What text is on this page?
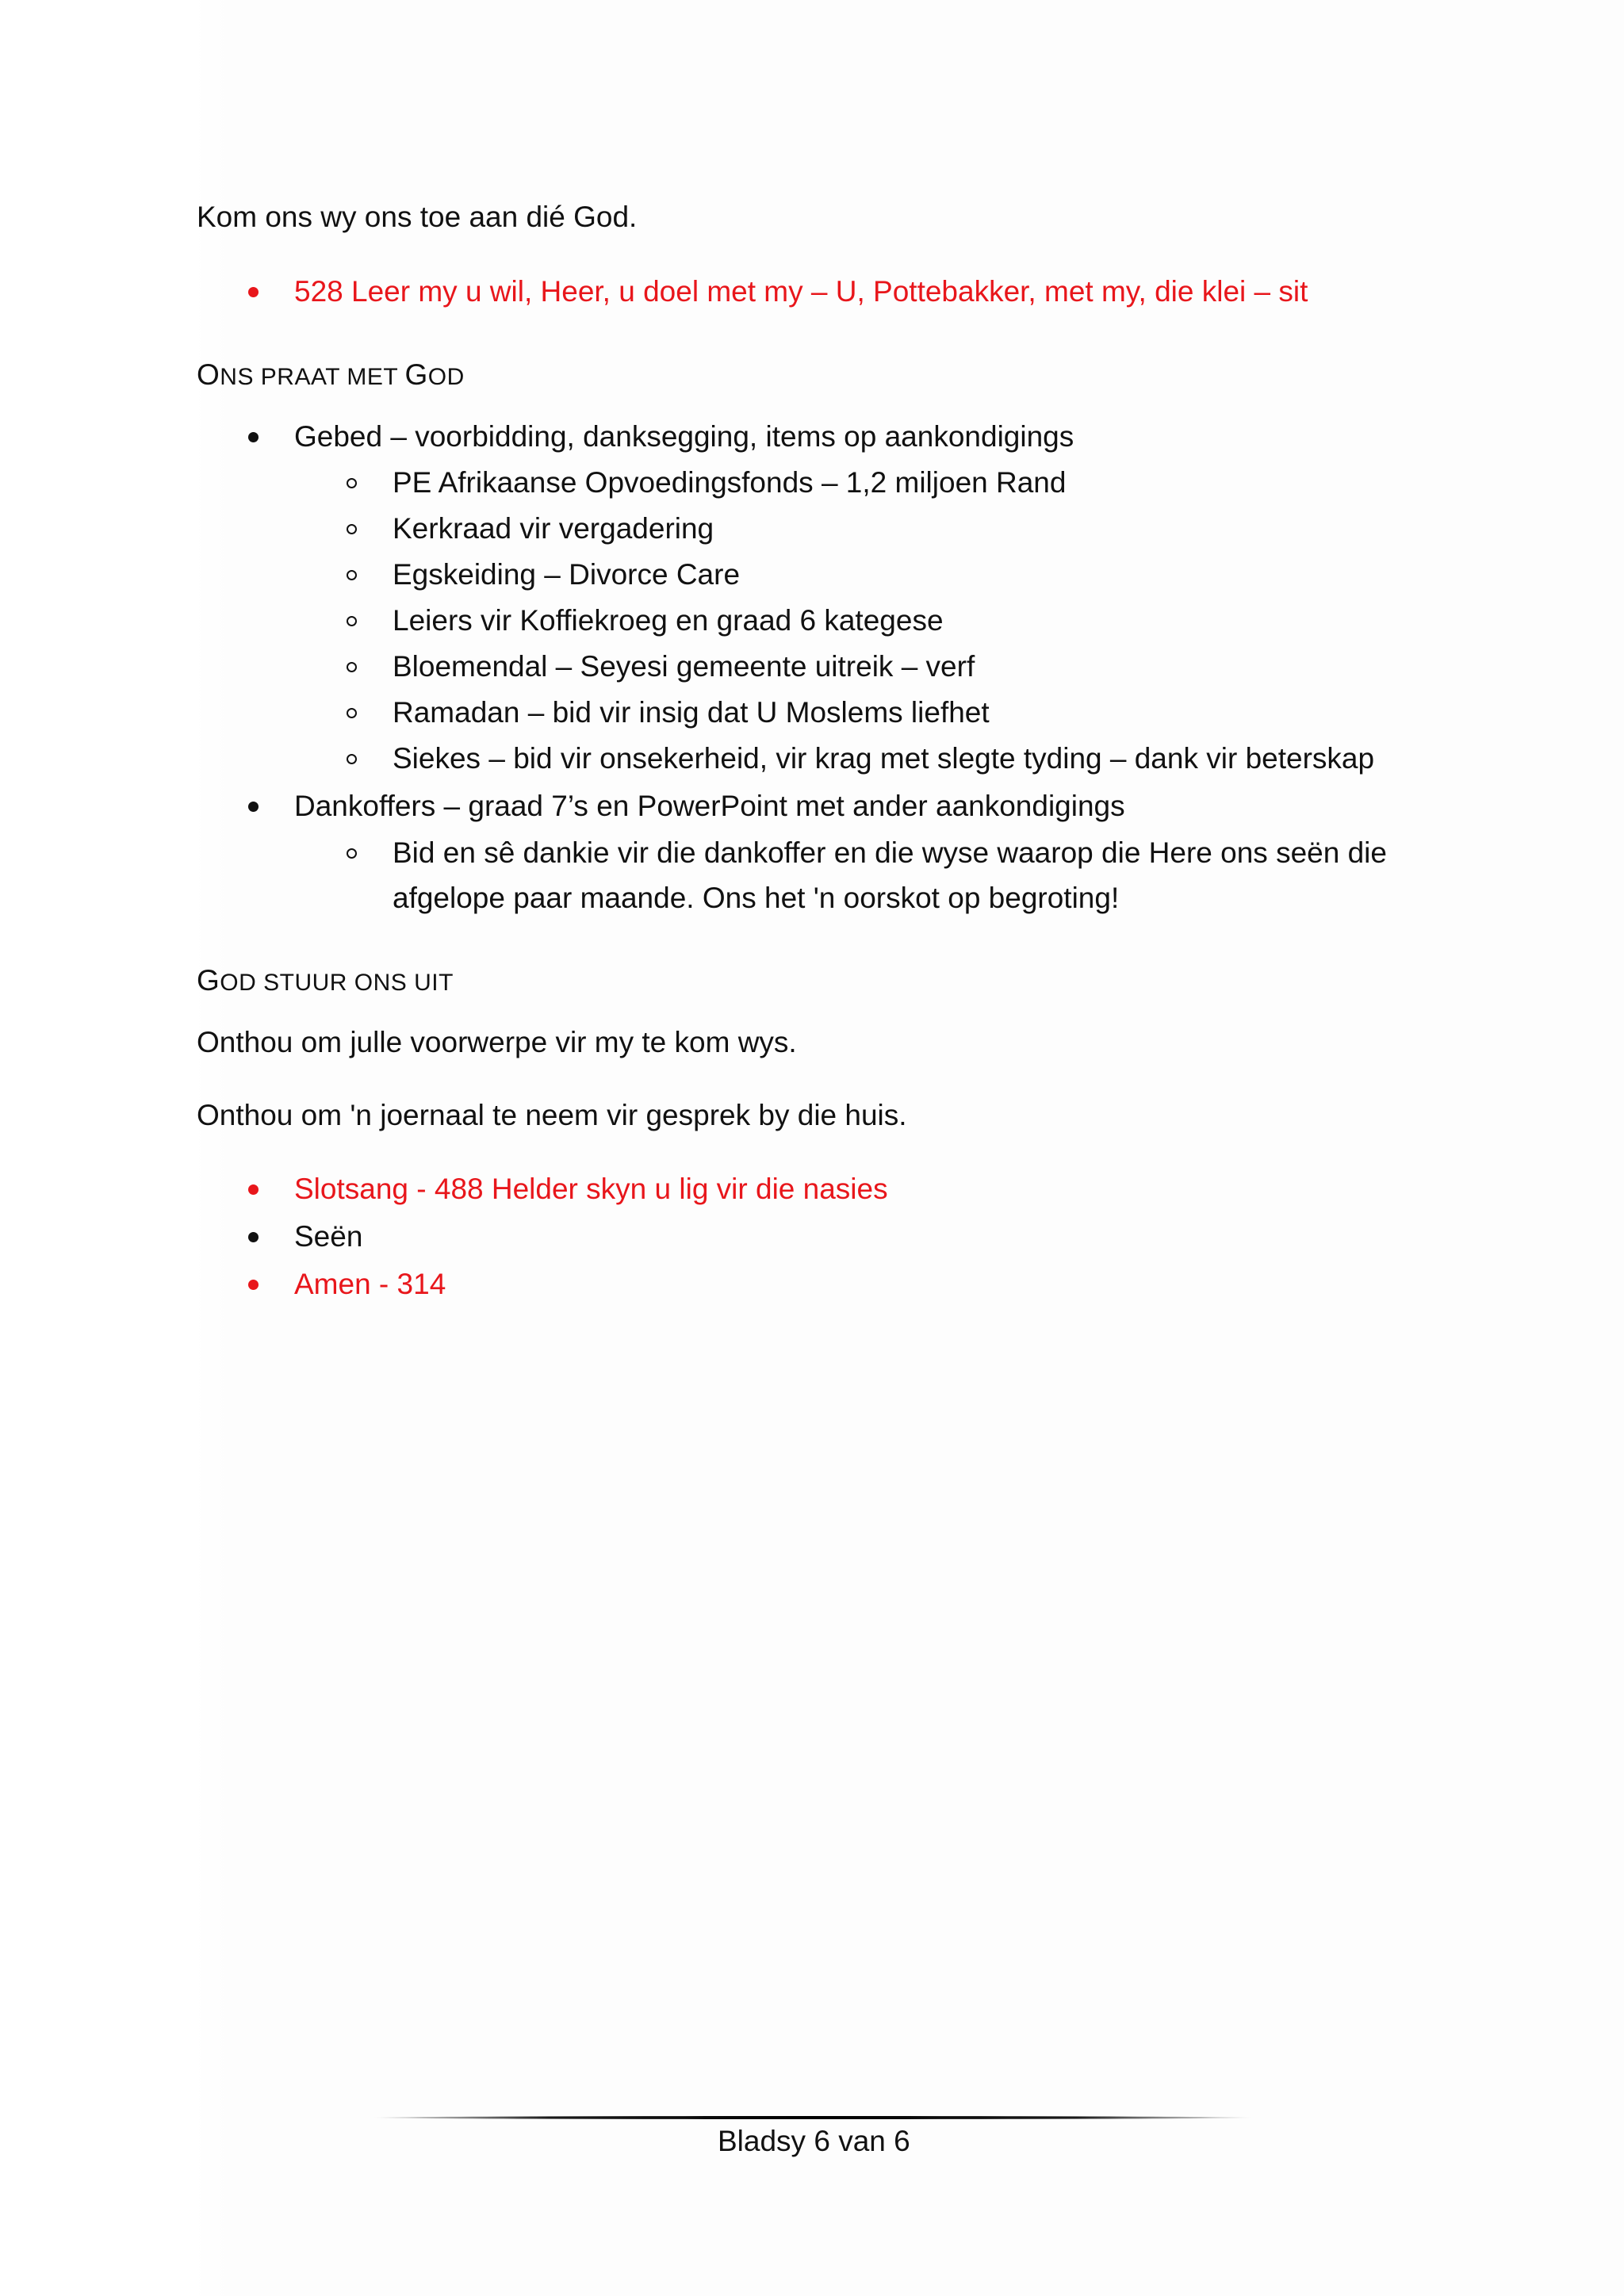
Kom ons wy ons toe aan dié God.
528 Leer my u wil, Heer, u doel met my – U, Pottebakker, met my, die klei – sit
ONS PRAAT MET GOD
Gebed – voorbidding, danksegging, items op aankondigings
PE Afrikaanse Opvoedingsfonds – 1,2 miljoen Rand
Kerkraad vir vergadering
Egskeiding – Divorce Care
Leiers vir Koffiekroeg en graad 6 kategese
Bloemendal – Seyesi gemeente uitreik – verf
Ramadan – bid vir insig dat U Moslems liefhet
Siekes – bid vir onsekerheid, vir krag met slegte tyding – dank vir beterskap
Dankoffers – graad 7’s en PowerPoint met ander aankondigings
Bid en sê dankie vir die dankoffer en die wyse waarop die Here ons seën die
afgelope paar maande. Ons het 'n oorskot op begroting!
GOD STUUR ONS UIT
Onthou om julle voorwerpe vir my te kom wys.
Onthou om 'n joernaal te neem vir gesprek by die huis.
Slotsang - 488 Helder skyn u lig vir die nasies
Seën
Amen - 314
Bladsy 6 van 6
